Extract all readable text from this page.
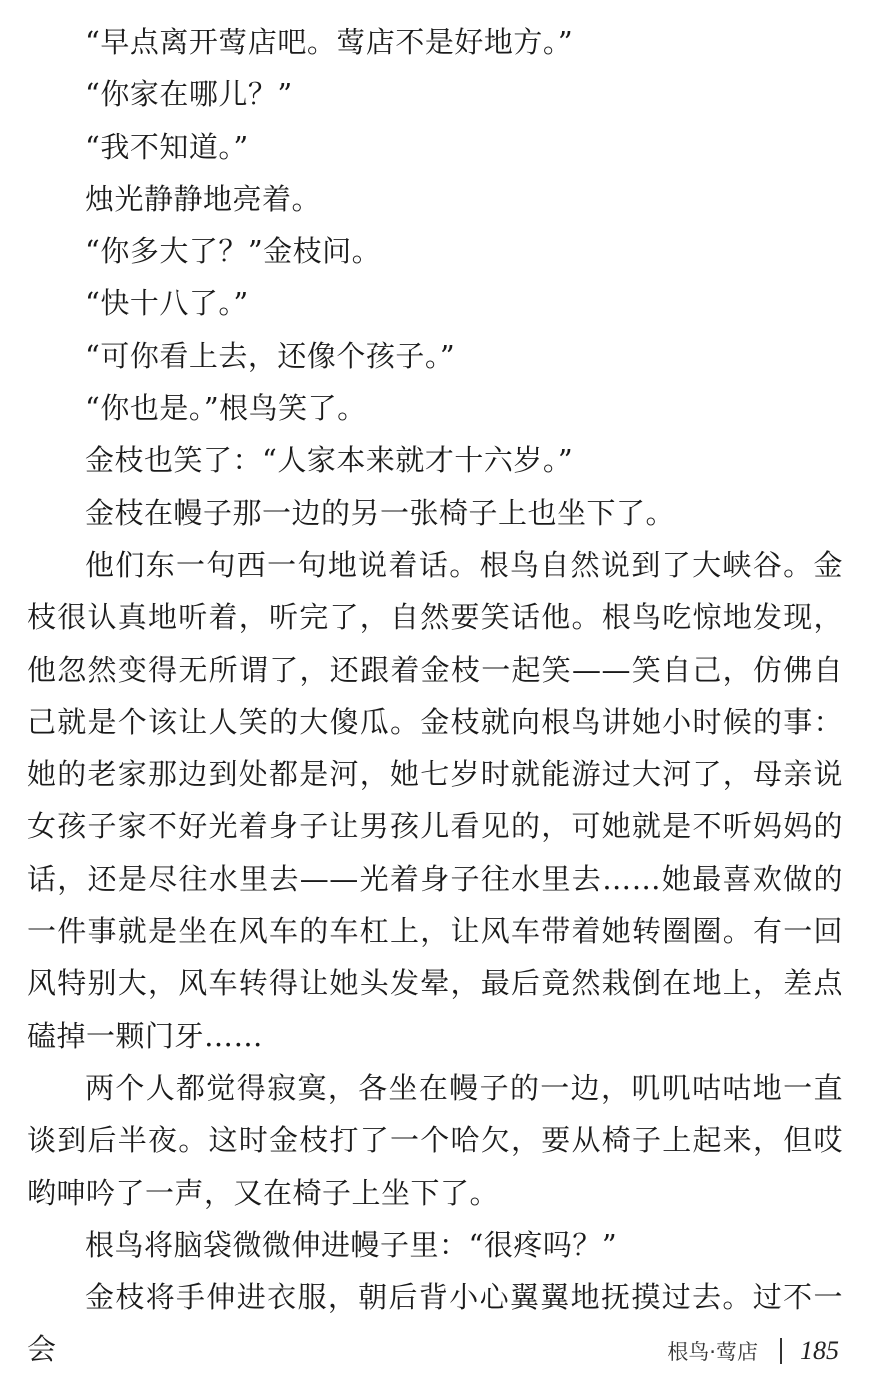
“早点离开莺店吧。莺店不是好地方。”

“你家在哪儿？”

“我不知道。”

烛光静静地亮着。

“你多大了？”金枝问。

“快十八了。”

“可你看上去，还像个孩子。”

“你也是。”根鸟笑了。

金枝也笑了：“人家本来就才十六岁。”

金枝在幔子那一边的另一张椅子上也坐下了。

他们东一句西一句地说着话。根鸟自然说到了大峡谷。金枝很认真地听着，听完了，自然要笑话他。根鸟吃惊地发现，他忽然变得无所谓了，还跟着金枝一起笑——笑自己，仿佛自己就是个该让人笑的大傻瓜。金枝就向根鸟讲她小时候的事：她的老家那边到处都是河，她七岁时就能游过大河了，母亲说女孩子家不好光着身子让男孩儿看见的，可她就是不听妈妈的话，还是尽往水里去——光着身子往水里去……她最喜欢做的一件事就是坐在风车的车杠上，让风车带着她转圈圈。有一回风特别大，风车转得让她头发晕，最后竟然栽倒在地上，差点磕掉一颗门牙……

两个人都觉得寂寞，各坐在幔子的一边，叽叽咕咕地一直谈到后半夜。这时金枝打了一个哈欠，要从椅子上起来，但哎哟呻吟了一声，又在椅子上坐下了。

根鸟将脑袋微微伸进幔子里：“很疼吗？”

金枝将手伸进衣服，朝后背小心翼翼地抚摸过去。过不一会	根鸟·莺店 185
